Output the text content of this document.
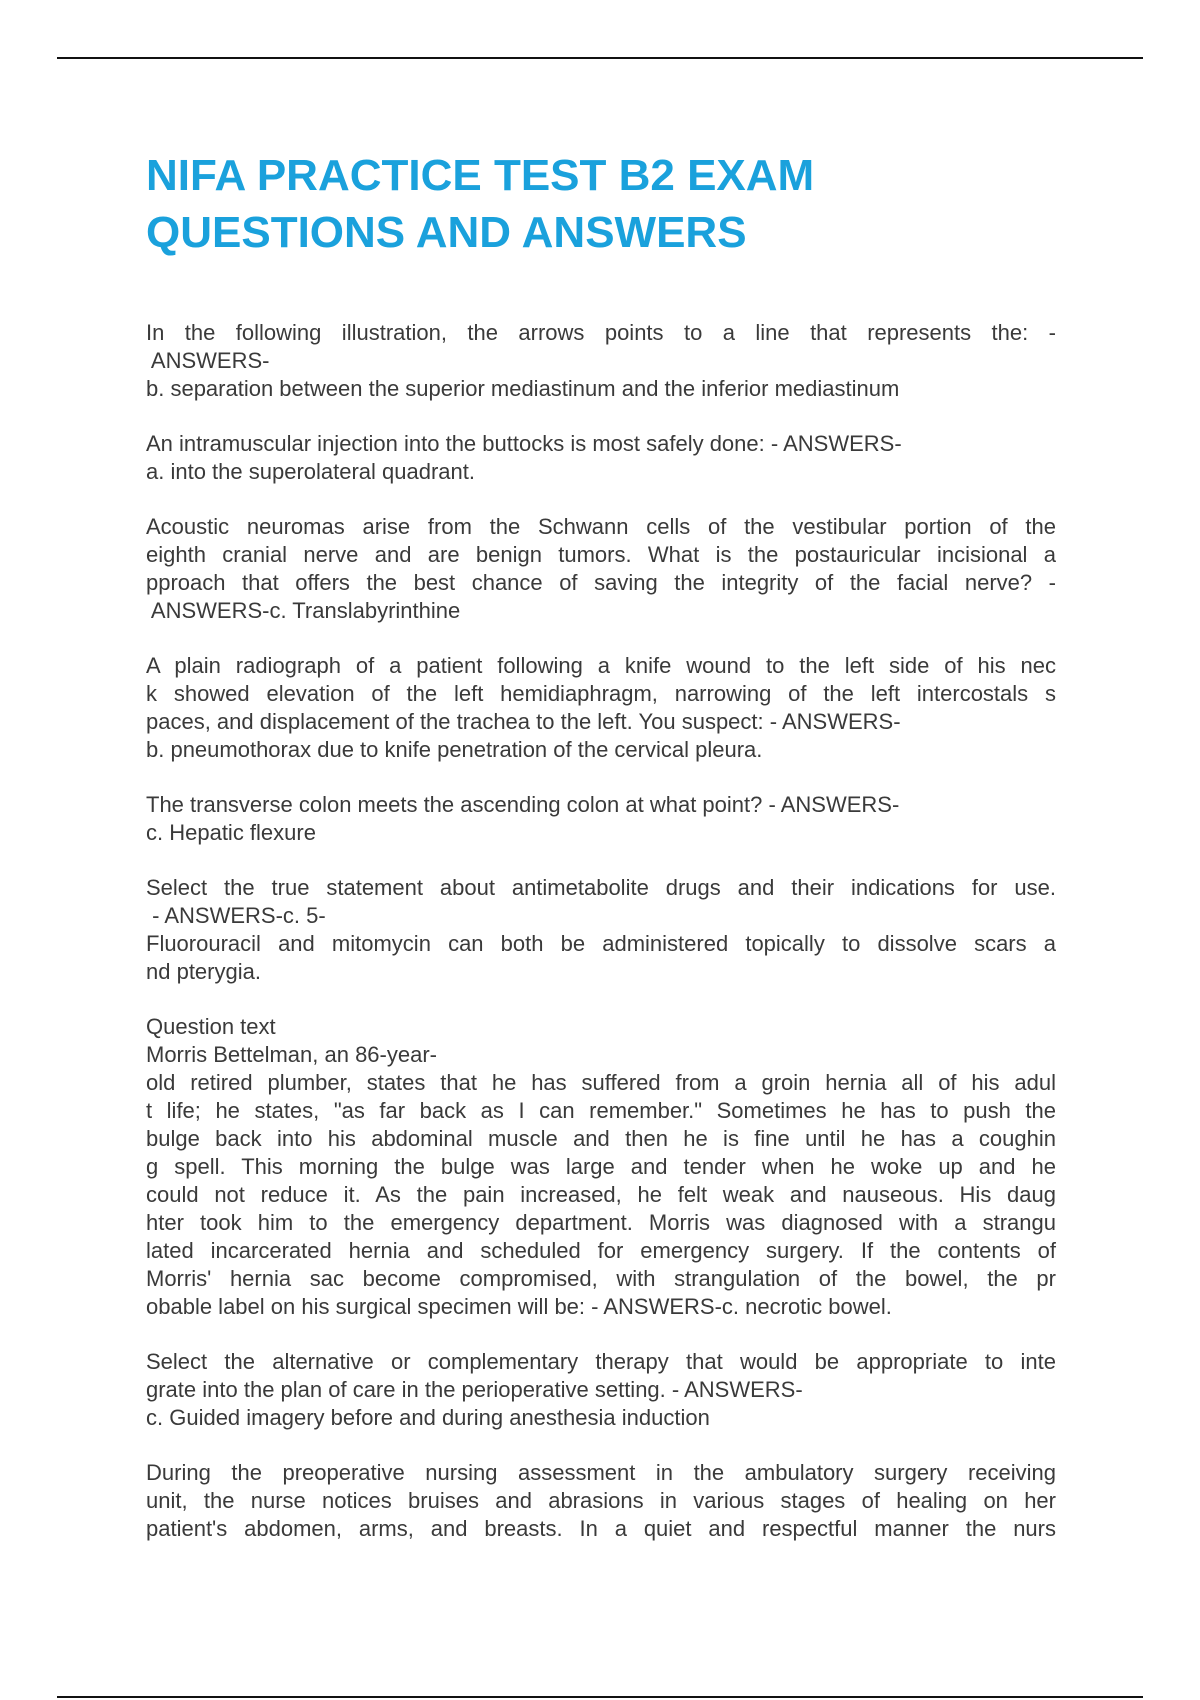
NIFA PRACTICE TEST B2 EXAM
QUESTIONS AND ANSWERS

In the following illustration, the arrows points to a line that represents the: -
ANSWERS-
b. separation between the superior mediastinum and the inferior mediastinum

An intramuscular injection into the buttocks is most safely done: - ANSWERS-
a. into the superolateral quadrant.

Acoustic neuromas arise from the Schwann cells of the vestibular portion of the
eighth cranial nerve and are benign tumors. What is the postauricular incisional a
pproach that offers the best chance of saving the integrity of the facial nerve? -
ANSWERS-c. Translabyrinthine

A plain radiograph of a patient following a knife wound to the left side of his nec
k showed elevation of the left hemidiaphragm, narrowing of the left intercostals s
paces, and displacement of the trachea to the left. You suspect: - ANSWERS-
b. pneumothorax due to knife penetration of the cervical pleura.

The transverse colon meets the ascending colon at what point? - ANSWERS-
c. Hepatic flexure

Select the true statement about antimetabolite drugs and their indications for use.
- ANSWERS-c. 5-
Fluorouracil and mitomycin can both be administered topically to dissolve scars a
nd pterygia.

Question text
Morris Bettelman, an 86-year-
old retired plumber, states that he has suffered from a groin hernia all of his adul
t life; he states, "as far back as I can remember." Sometimes he has to push the
bulge back into his abdominal muscle and then he is fine until he has a coughin
g spell. This morning the bulge was large and tender when he woke up and he
could not reduce it. As the pain increased, he felt weak and nauseous. His daug
hter took him to the emergency department. Morris was diagnosed with a strangu
lated incarcerated hernia and scheduled for emergency surgery. If the contents of
Morris' hernia sac become compromised, with strangulation of the bowel, the pr
obable label on his surgical specimen will be: - ANSWERS-c. necrotic bowel.

Select the alternative or complementary therapy that would be appropriate to inte
grate into the plan of care in the perioperative setting. - ANSWERS-
c. Guided imagery before and during anesthesia induction

During the preoperative nursing assessment in the ambulatory surgery receiving
unit, the nurse notices bruises and abrasions in various stages of healing on her
patient's abdomen, arms, and breasts. In a quiet and respectful manner the nurs
